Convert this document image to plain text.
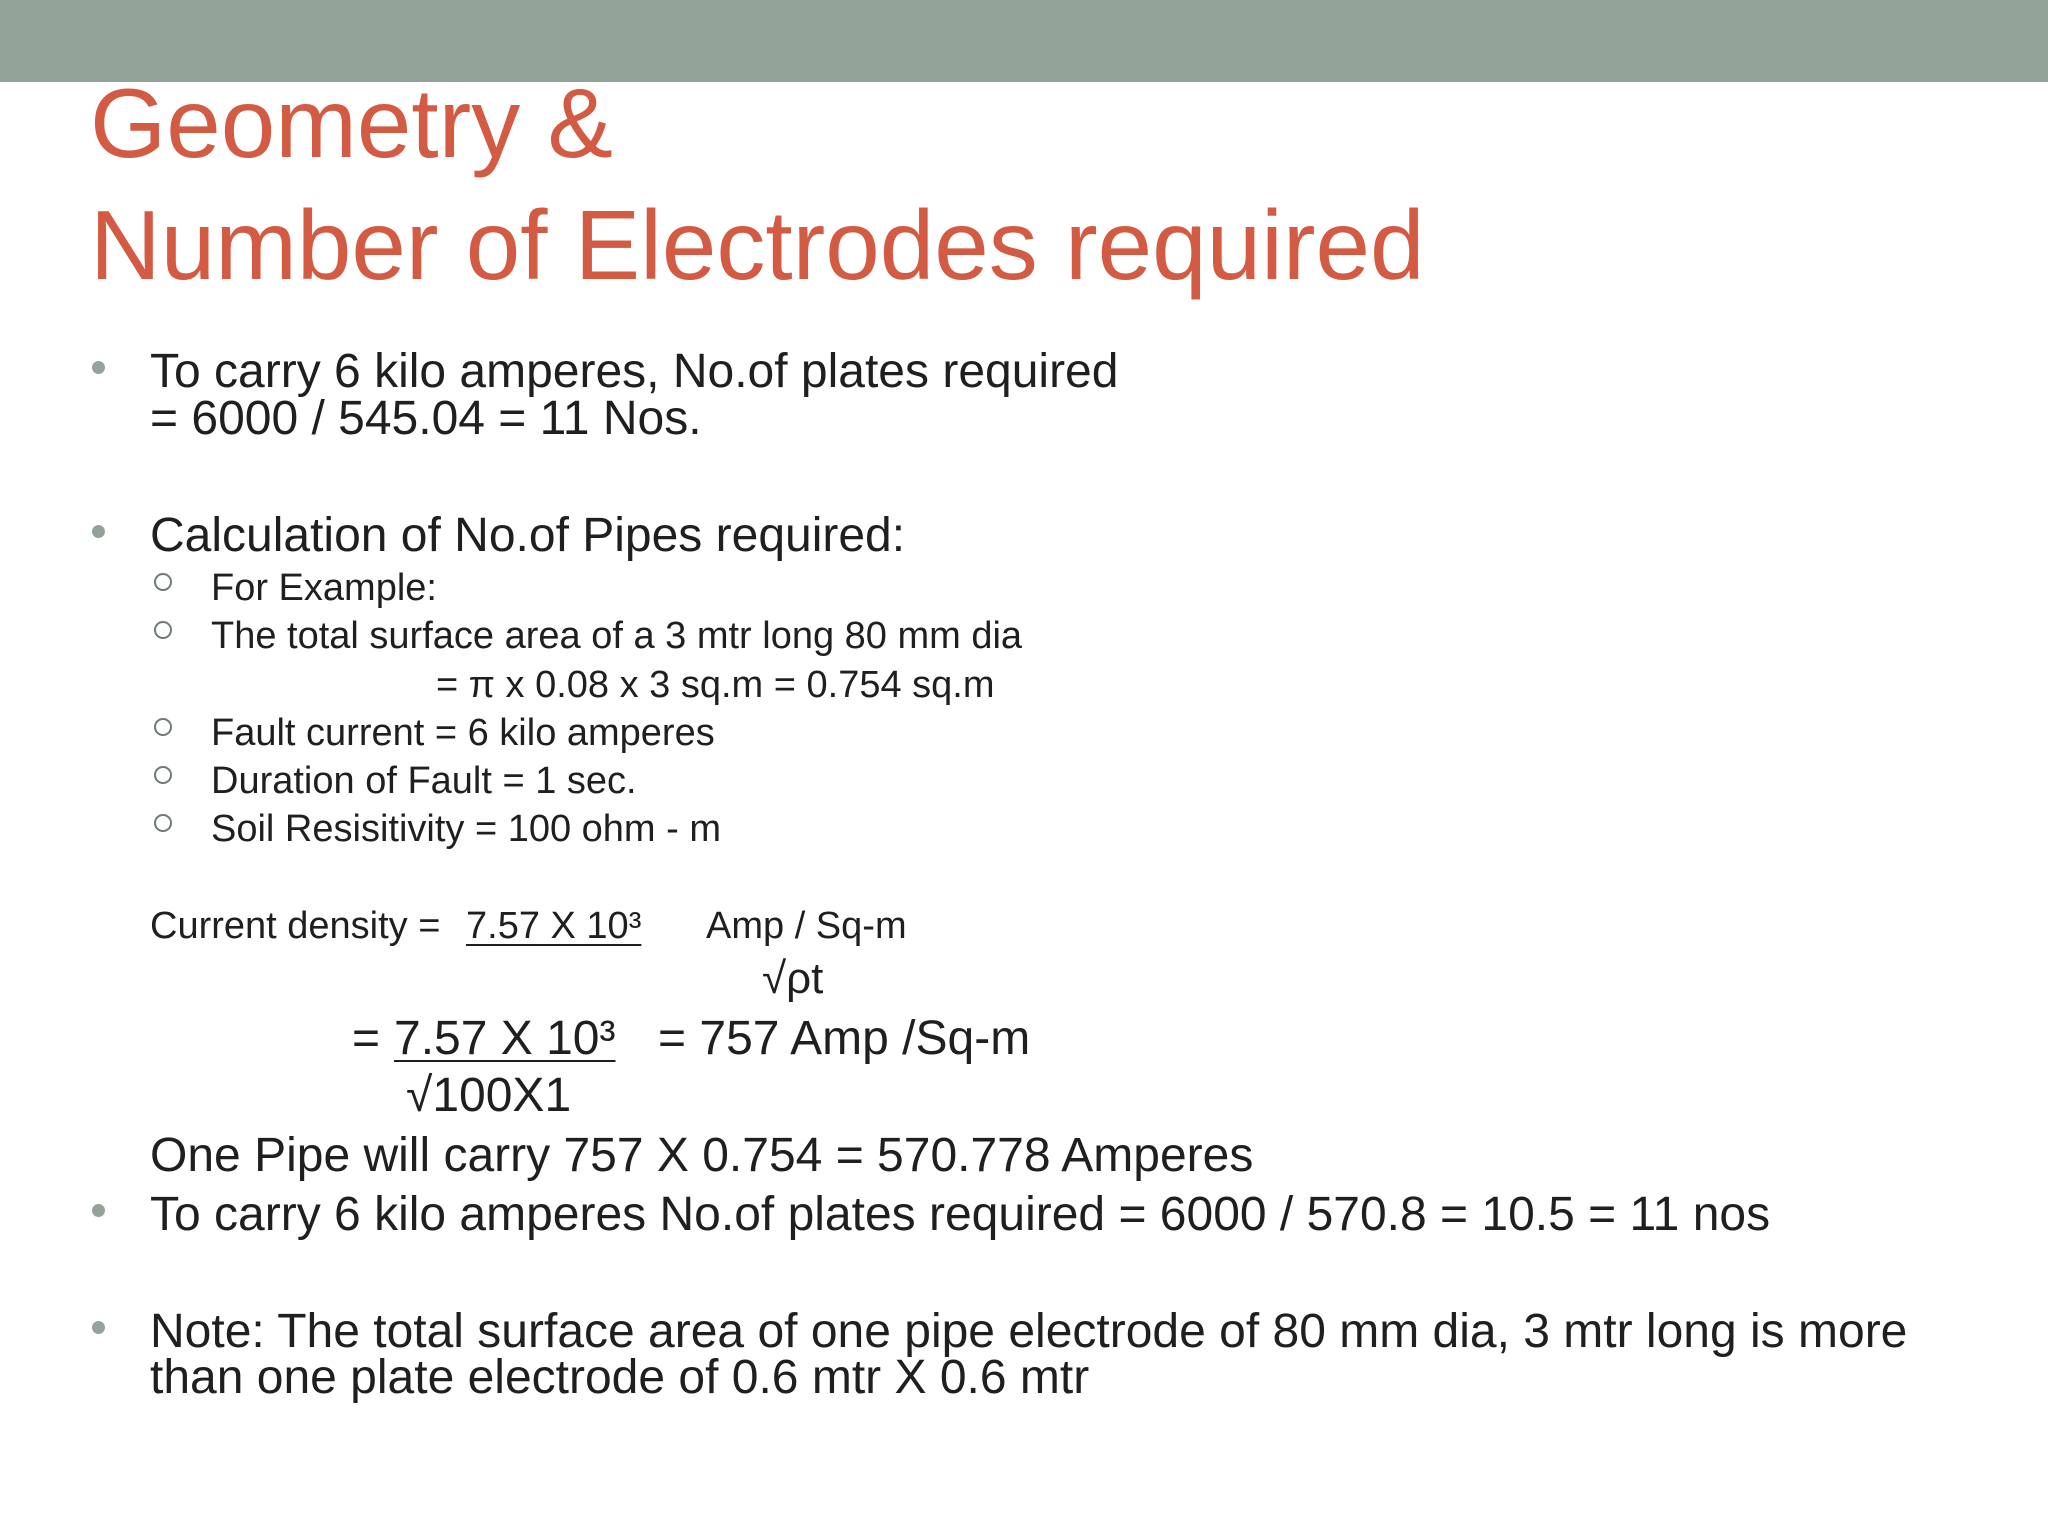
Geometry &
Number of Electrodes required
To carry 6 kilo amperes, No.of plates required
= 6000 / 545.04 = 11 Nos.
Calculation of No.of Pipes required:
For Example:
The total surface area of a 3 mtr long 80 mm dia
= π x 0.08 x 3 sq.m = 0.754 sq.m
Fault current = 6 kilo amperes
Duration of Fault = 1 sec.
Soil Resisitivity = 100 ohm - m
Current density = 7.57 X 10³	Amp / Sq-m
√ρt
= 7.57 X 10³ = 757 Amp /Sq-m
√100X1
One Pipe will carry 757 X 0.754 = 570.778 Amperes
To carry 6 kilo amperes No.of plates required = 6000 / 570.8 = 10.5 = 11 nos
Note: The total surface area of one pipe electrode of 80 mm dia, 3 mtr long is more
than one plate electrode of 0.6 mtr X 0.6 mtr
